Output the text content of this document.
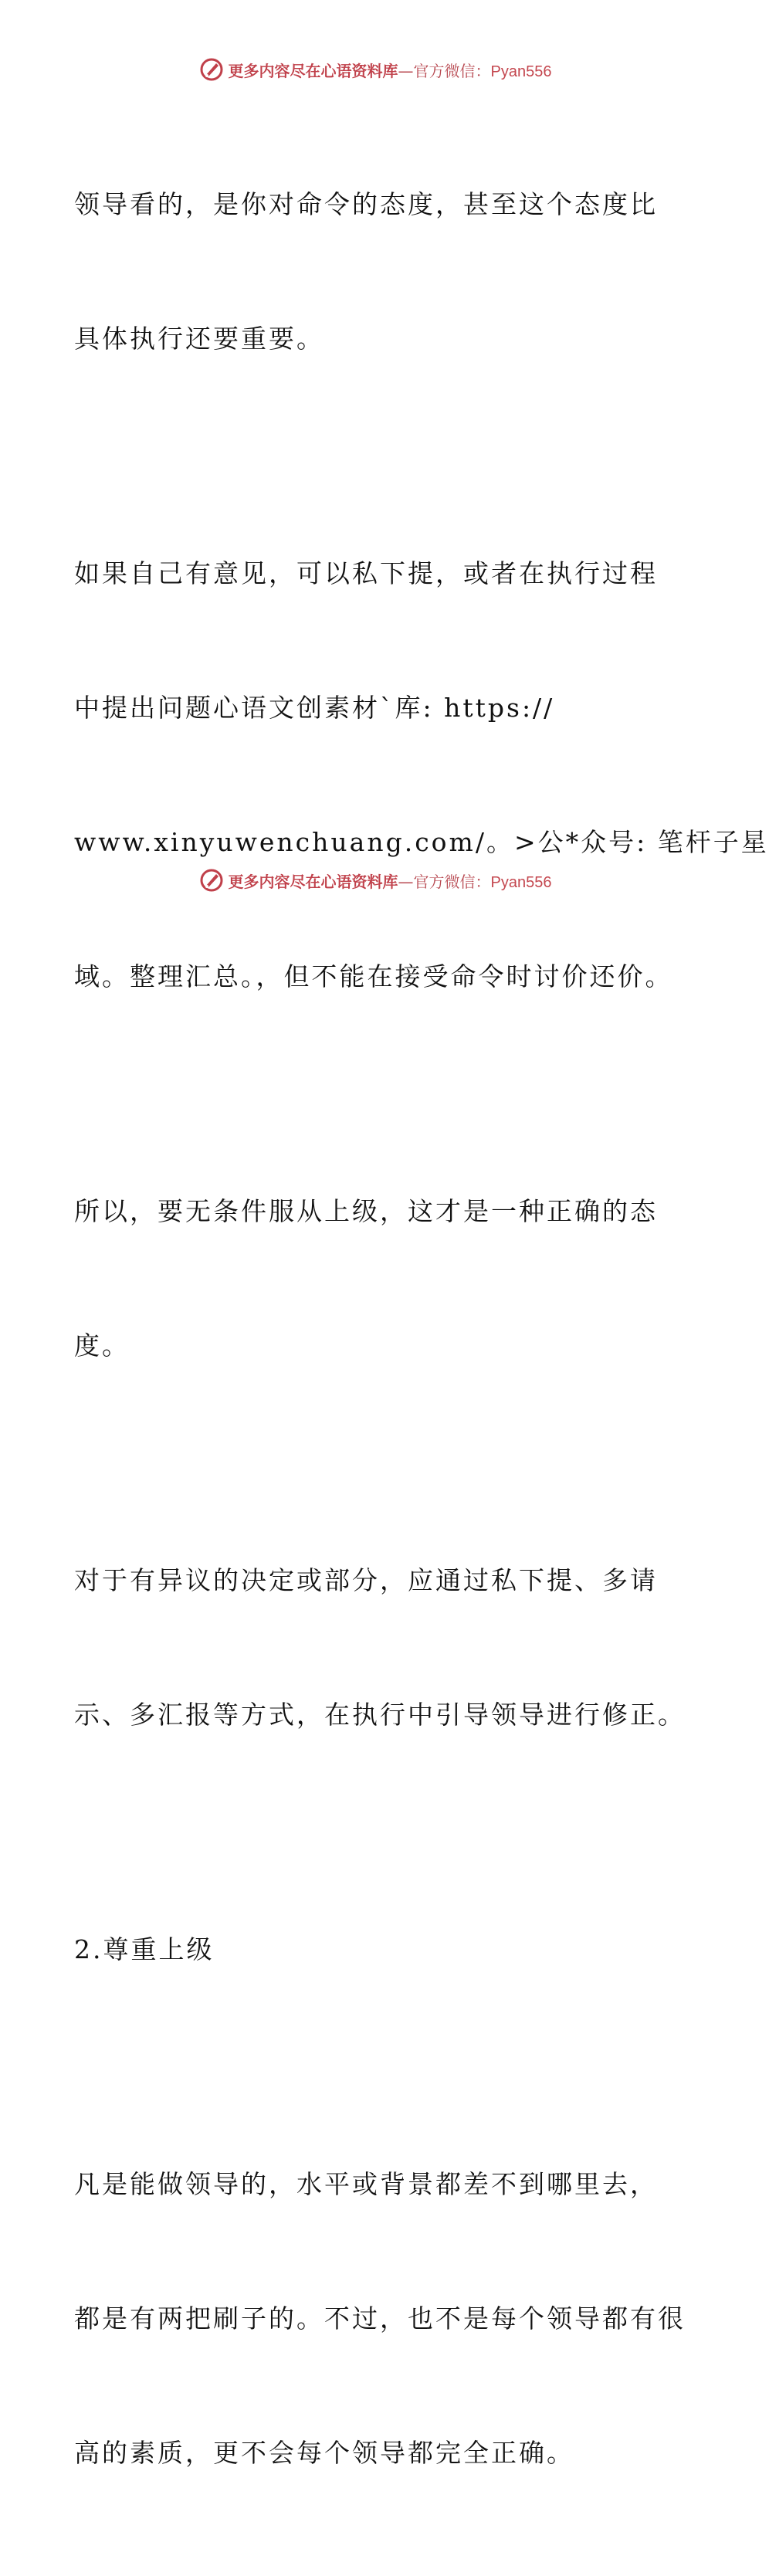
更多内容尽在心语资料库—官方微信：Pyan556

领导看的，是你对命令的态度，甚至这个态度比

具体执行还要重要。

如果自己有意见，可以私下提，或者在执行过程

中提出问题心语文创素材`库: https://

www.xinyuwenchuang.com/。>公*众号: 笔杆子星

域。整理汇总。，但不能在接受命令时讨价还价。

所以，要无条件服从上级，这才是一种正确的态

度。

对于有异议的决定或部分，应通过私下提、多请

示、多汇报等方式，在执行中引导领导进行修正。

2.尊重上级

凡是能做领导的，水平或背景都差不到哪里去，

都是有两把刷子的。不过，也不是每个领导都有很

高的素质，更不会每个领导都完全正确。

更多内容尽在心语资料库—官方微信：Pyan556
